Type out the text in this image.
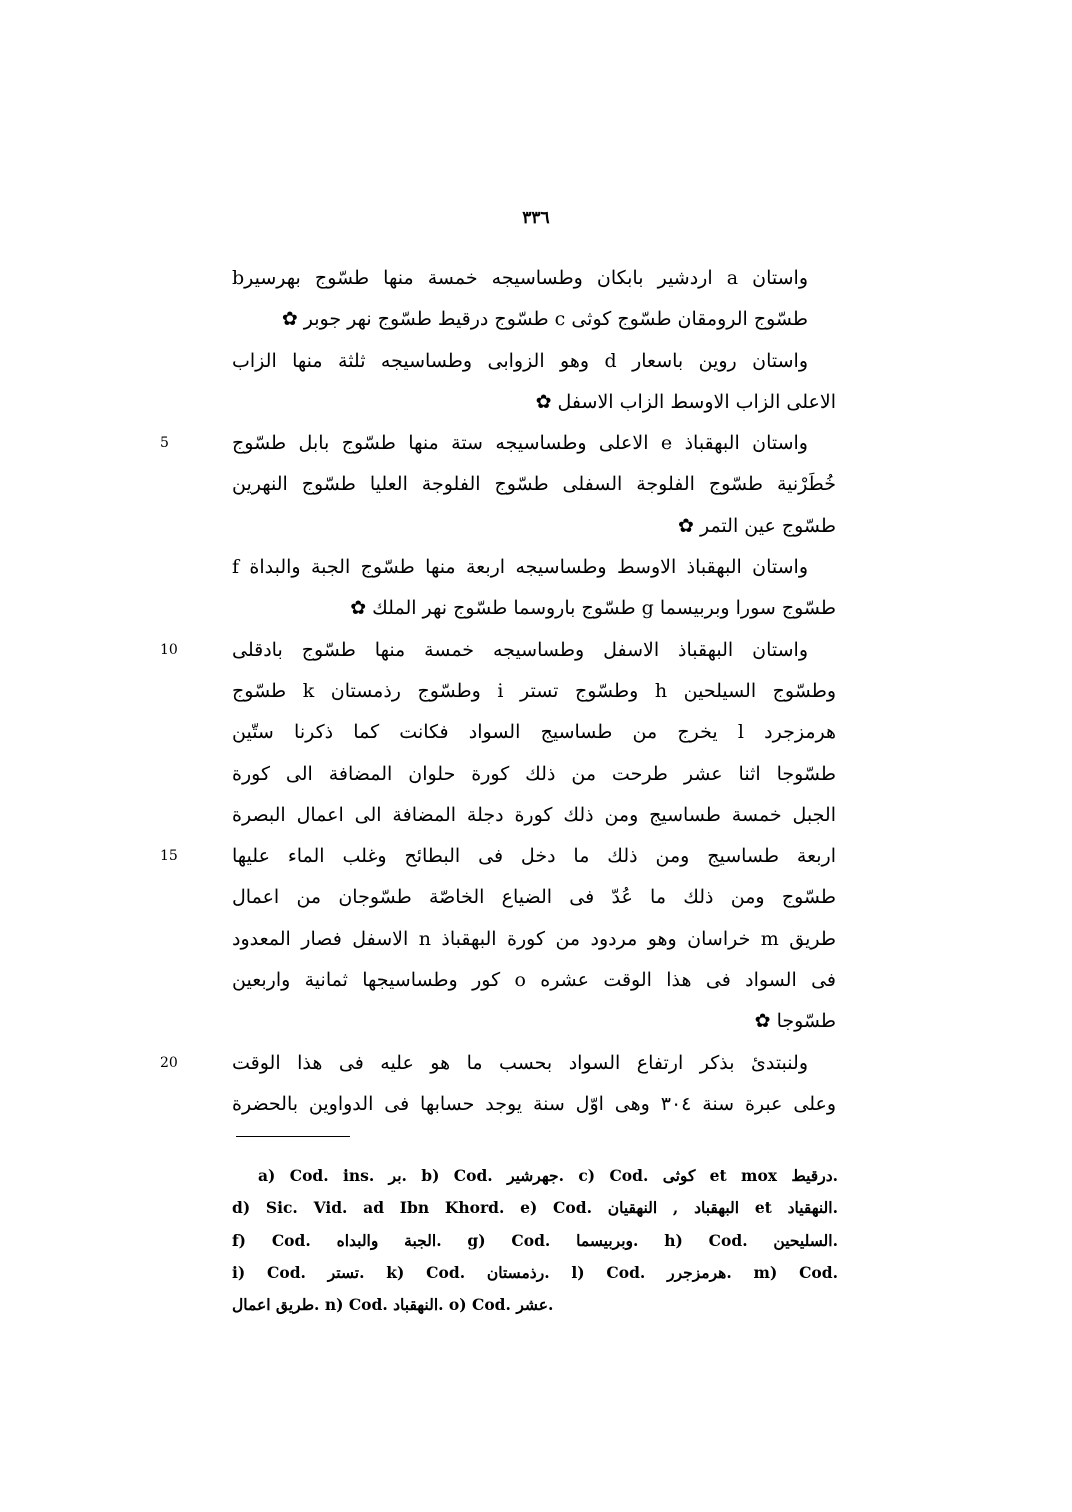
٣٣٦
واستان a اردشير بابكان وطساسيجه خمسة منها طسّوج بهرسيرb
طسّوج الرومقان طسّوج كوثى c طسّوج درقيط طسّوج نهر جوبر ✿
واستان روين باسعار d وهو الزوابى وطساسيجه ثلثة منها الزاب
الاعلى الزاب الاوسط الزاب الاسفل ✿
واستان البهقباذ e الاعلى وطساسيجه ستة منها طسّوج بابل طسّوج
5
خُطَرْنية طسّوج الفلوجة السفلى طسّوج الفلوجة العليا طسّوج النهرين
طسّوج عين التمر ✿
واستان البهقباذ الاوسط وطساسيجه اربعة منها طسّوج الجبة والبداة f
طسّوج سورا وبربيسما g طسّوج باروسما طسّوج نهر الملك ✿
واستان البهقباذ الاسفل وطساسيجه خمسة منها طسّوج بادقلى
10
وطسّوج السيلحين h وطسّوج تستر i وطسّوج رذمستان k طسّوج
هرمزجرد l يخرج من طساسيج السواد فكانت كما ذكرنا ستّين
طسّوجا اثنا عشر طرحت من ذلك كورة حلوان المضافة الى كورة
الجبل خمسة طساسيج ومن ذلك كورة دجلة المضافة الى اعمال البصرة
اربعة طساسيج ومن ذلك ما دخل فى البطائح وغلب الماء عليها
15
طسّوج ومن ذلك ما عُدّ فى الضياع الخاصّة طسّوجان من اعمال
طريق m خراسان وهو مردود من كورة البهقباذ n الاسفل فصار المعدود
فى السواد فى هذا الوقت عشره o كور وطساسيجها ثمانية واربعين
طسّوجا ✿
ولنبتدئ بذكر ارتفاع السواد بحسب ما هو عليه فى هذا الوقت
20
وعلى عبرة سنة ٣٠٤ وهى اوّل سنة يوجد حسابها فى الدواوين بالحضرة
a) Cod. ins. بر. b) Cod. جهرشير. c) Cod. كوثى et mox درقيط.
d) Sic. Vid. ad Ibn Khord. e) Cod. البهقباد , النهقيان et النهقياد.
f) Cod. الجبة والبداه. g) Cod. وبربيسما. h) Cod. السليحين.
i) Cod. تستر. k) Cod. رذمستان. l) Cod. هرمزجرر. m) Cod.
طريق اعمال. n) Cod. النهقباد. o) Cod. عشر.
